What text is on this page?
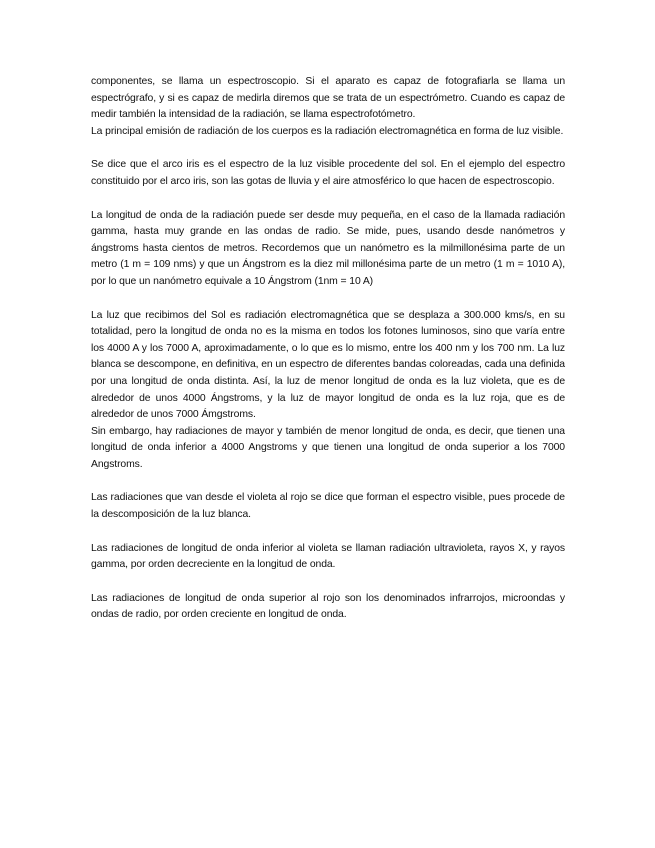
componentes, se llama un espectroscopio. Si el aparato es capaz de fotografiarla se llama un espectrógrafo, y si es capaz de medirla diremos que se trata de un espectrómetro. Cuando es capaz de medir también la intensidad de la radiación, se llama espectrofotómetro.

La principal emisión de radiación de los cuerpos es la radiación electromagnética en forma de luz visible.

Se dice que el arco iris es el espectro de la luz visible procedente del sol. En el ejemplo del espectro constituido por el arco iris, son las gotas de lluvia y el aire atmosférico lo que hacen de espectroscopio.

La longitud de onda de la radiación puede ser desde muy pequeña, en el caso de la llamada radiación gamma, hasta muy grande en las ondas de radio. Se mide, pues, usando desde nanómetros y ángstroms hasta cientos de metros. Recordemos que un nanómetro es la milmillonésima parte de un metro (1 m = 109 nms) y que un Ángstrom es la diez mil millonésima parte de un metro (1 m = 1010 A), por lo que un nanómetro equivale a 10 Ángstrom (1nm = 10 A)

La luz que recibimos del Sol es radiación electromagnética que se desplaza a 300.000 kms/s, en su totalidad, pero la longitud de onda no es la misma en todos los fotones luminosos, sino que varía entre los 4000 A y los 7000 A, aproximadamente, o lo que es lo mismo, entre los 400 nm y los 700 nm. La luz blanca se descompone, en definitiva, en un espectro de diferentes bandas coloreadas, cada una definida por una longitud de onda distinta. Así, la luz de menor longitud de onda es la luz violeta, que es de alrededor de unos 4000 Ángstroms, y la luz de mayor longitud de onda es la luz roja, que es de alrededor de unos 7000 Ámgstroms.

Sin embargo, hay radiaciones de mayor y también de menor longitud de onda, es decir, que tienen una longitud de onda inferior a 4000 Angstroms y que tienen una longitud de onda superior a los 7000 Angstroms.

Las radiaciones que van desde el violeta al rojo se dice que forman el espectro visible, pues procede de la descomposición de la luz blanca.

Las radiaciones de longitud de onda inferior al violeta se llaman radiación ultravioleta, rayos X, y rayos gamma, por orden decreciente en la longitud de onda.

Las radiaciones de longitud de onda superior al rojo son los denominados infrarrojos, microondas y ondas de radio, por orden creciente en longitud de onda.
